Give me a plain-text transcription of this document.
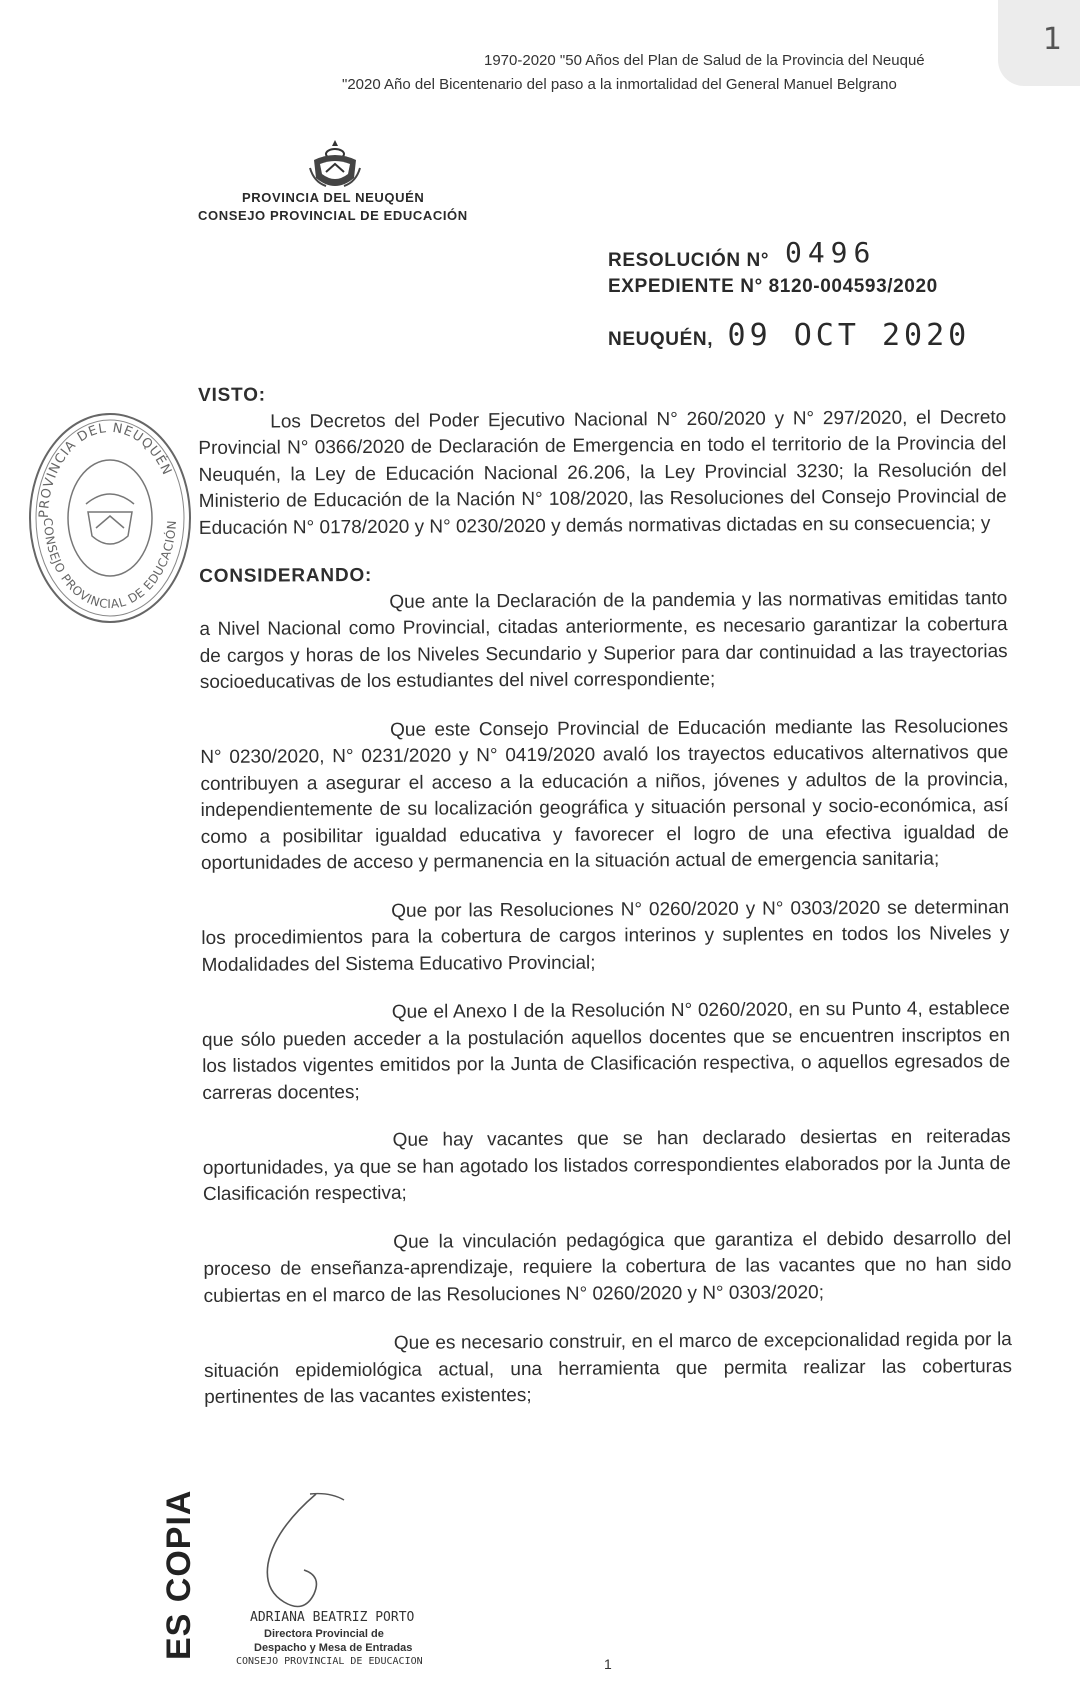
1
1970-2020 "50 Años del Plan de Salud de la Provincia del Neuqué
"2020 Año del Bicentenario del paso a la inmortalidad del General Manuel Belgrano
PROVINCIA DEL NEUQUÉN
CONSEJO PROVINCIAL DE EDUCACIÓN
RESOLUCIÓN N° 0496
EXPEDIENTE N° 8120-004593/2020
NEUQUÉN, 09 OCT 2020
PROVINCIA DEL NEUQUÉN
CONSEJO PROVINCIAL DE EDUCACIÓN

VISTO:

Los Decretos del Poder Ejecutivo Nacional N° 260/2020 y N° 297/2020, el Decreto Provincial N° 0366/2020 de Declaración de Emergencia en todo el territorio de la Provincia del Neuquén, la Ley de Educación Nacional 26.206, la Ley Provincial 3230; la Resolución del Ministerio de Educación de la Nación N° 108/2020, las Resoluciones del Consejo Provincial de Educación N° 0178/2020 y N° 0230/2020 y demás normativas dictadas en su consecuencia; y

CONSIDERANDO:

Que ante la Declaración de la pandemia y las normativas emitidas tanto a Nivel Nacional como Provincial, citadas anteriormente, es necesario garantizar la cobertura de cargos y horas de los Niveles Secundario y Superior para dar continuidad a las trayectorias socioeducativas de los estudiantes del nivel correspondiente;

Que este Consejo Provincial de Educación mediante las Resoluciones N° 0230/2020, N° 0231/2020 y N° 0419/2020 avaló los trayectos educativos alternativos que contribuyen a asegurar el acceso a la educación a niños, jóvenes y adultos de la provincia, independientemente de su localización geográfica y situación personal y socio-económica, así como a posibilitar igualdad educativa y favorecer el logro de una efectiva igualdad de oportunidades de acceso y permanencia en la situación actual de emergencia sanitaria;

Que por las Resoluciones N° 0260/2020 y N° 0303/2020 se determinan los procedimientos para la cobertura de cargos interinos y suplentes en todos los Niveles y Modalidades del Sistema Educativo Provincial;

Que el Anexo I de la Resolución N° 0260/2020, en su Punto 4, establece que sólo pueden acceder a la postulación aquellos docentes que se encuentren inscriptos en los listados vigentes emitidos por la Junta de Clasificación respectiva, o aquellos egresados de carreras docentes;

Que hay vacantes que se han declarado desiertas en reiteradas oportunidades, ya que se han agotado los listados correspondientes elaborados por la Junta de Clasificación respectiva;

Que la vinculación pedagógica que garantiza el debido desarrollo del proceso de enseñanza-aprendizaje, requiere la cobertura de las vacantes que no han sido cubiertas en el marco de las Resoluciones N° 0260/2020 y N° 0303/2020;

Que es necesario construir, en el marco de excepcionalidad regida por la situación epidemiológica actual, una herramienta que permita realizar las coberturas pertinentes de las vacantes existentes;

ES COPIA	ADRIANA BEATRIZ PORTO
Directora Provincial de
Despacho y Mesa de Entradas
CONSEJO PROVINCIAL DE EDUCACION	1
